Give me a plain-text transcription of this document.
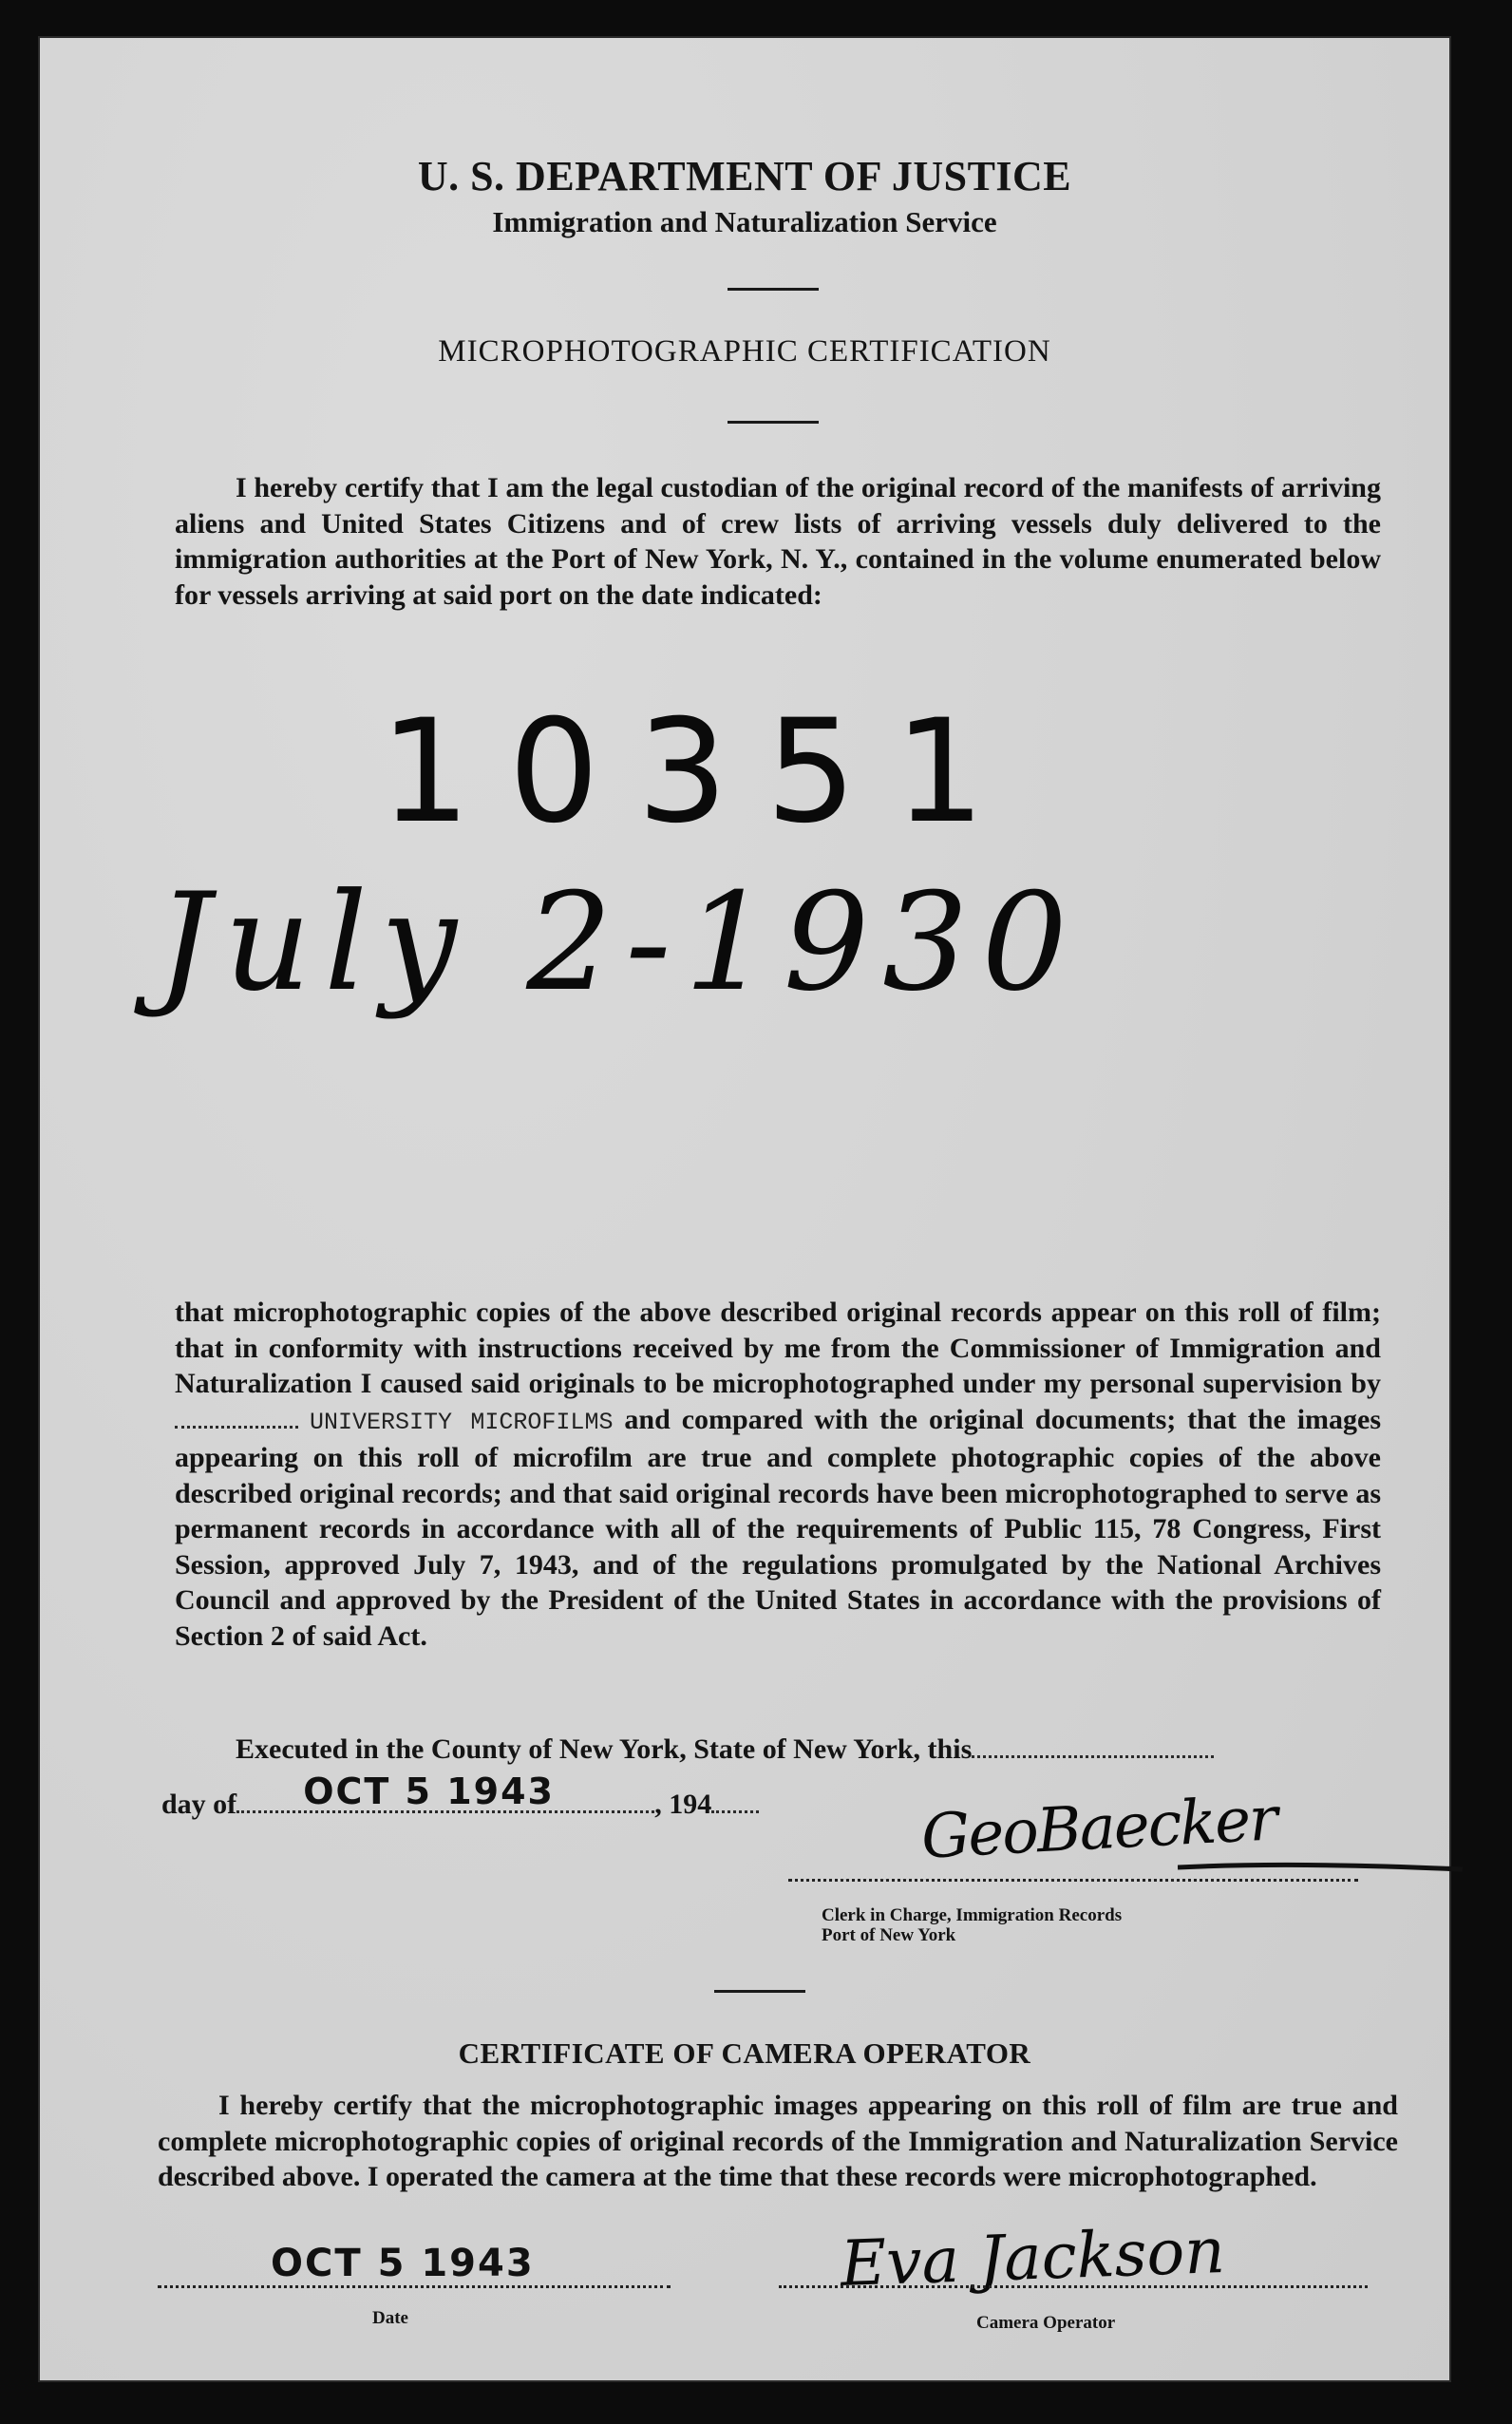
U. S. DEPARTMENT OF JUSTICE
Immigration and Naturalization Service
MICROPHOTOGRAPHIC CERTIFICATION

I hereby certify that I am the legal custodian of the original record of the manifests of arriving aliens and United States Citizens and of crew lists of arriving vessels duly delivered to the immigration authorities at the Port of New York, N. Y., contained in the volume enumerated below for vessels arriving at said port on the date indicated:

10351
July 2-1930
that microphotographic copies of the above described original records appear on this roll of film; that in conformity with instructions received by me from the Commissioner of Immigration and Naturalization I caused said originals to be microphotographed under my personal supervision by  UNIVERSITY MICROFILMS and compared with the original documents; that the images appearing on this roll of microfilm are true and complete photographic copies of the above described original records; and that said original records have been microphotographed to serve as permanent records in accordance with all of the requirements of Public 115, 78 Congress, First Session, approved July 7, 1943, and of the regulations promulgated by the National Archives Council and approved by the President of the United States in accordance with the provisions of Section 2 of said Act.
Executed in the County of New York, State of New York, this
day of OCT 5 1943	, 194	GeoBaecker
Clerk in Charge, Immigration Records
Port of New York
CERTIFICATE OF CAMERA OPERATOR

I hereby certify that the microphotographic images appearing on this roll of film are true and complete microphotographic copies of original records of the Immigration and Naturalization Service described above. I operated the camera at the time that these records were microphotographed.

OCT 5 1943
Date
Eva Jackson
Camera Operator
